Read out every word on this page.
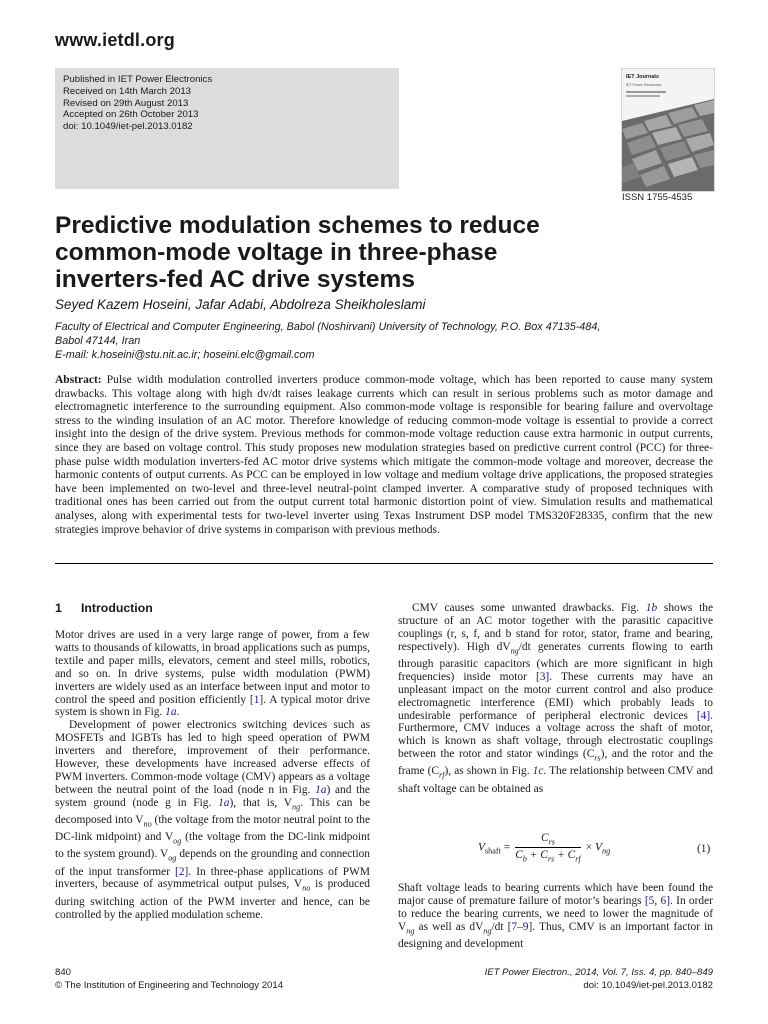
www.ietdl.org
Published in IET Power Electronics
Received on 14th March 2013
Revised on 29th August 2013
Accepted on 26th October 2013
doi: 10.1049/iet-pel.2013.0182
IET Journals
IET Power Electronics
ISSN 1755-4535
Predictive modulation schemes to reduce
common-mode voltage in three-phase
inverters-fed AC drive systems
Seyed Kazem Hoseini, Jafar Adabi, Abdolreza Sheikholeslami
Faculty of Electrical and Computer Engineering, Babol (Noshirvani) University of Technology, P.O. Box 47135-484,
Babol 47144, Iran
E-mail: k.hoseini@stu.nit.ac.ir; hoseini.elc@gmail.com
Abstract: Pulse width modulation controlled inverters produce common-mode voltage, which has been reported to cause many system drawbacks. This voltage along with high dv/dt raises leakage currents which can result in serious problems such as motor damage and electromagnetic interference to the surrounding equipment. Also common-mode voltage is responsible for bearing failure and overvoltage stress to the winding insulation of an AC motor. Therefore knowledge of reducing common-mode voltage is essential to provide a correct insight into the design of the drive system. Previous methods for common-mode voltage reduction cause extra harmonic in output currents, since they are based on voltage control. This study proposes new modulation strategies based on predictive current control (PCC) for three-phase pulse width modulation inverters-fed AC motor drive systems which mitigate the common-mode voltage and moreover, decrease the harmonic contents of output currents. As PCC can be employed in low voltage and medium voltage drive applications, the proposed strategies have been implemented on two-level and three-level neutral-point clamped inverter. A comparative study of proposed techniques with traditional ones has been carried out from the output current total harmonic distortion point of view. Simulation results and mathematical analyses, along with experimental tests for two-level inverter using Texas Instrument DSP model TMS320F28335, confirm that the new strategies improve behavior of drive systems in comparison with previous methods.
1 Introduction

Motor drives are used in a very large range of power, from a few watts to thousands of kilowatts, in broad applications such as pumps, textile and paper mills, elevators, cement and steel mills, robotics, and so on. In drive systems, pulse width modulation (PWM) inverters are widely used as an interface between input and motor to control the speed and position efficiently [1]. A typical motor drive system is shown in Fig. 1a.

Development of power electronics switching devices such as MOSFETs and IGBTs has led to high speed operation of PWM inverters and therefore, improvement of their performance. However, these developments have increased adverse effects of PWM inverters. Common-mode voltage (CMV) appears as a voltage between the neutral point of the load (node n in Fig. 1a) and the system ground (node g in Fig. 1a), that is, $V_{ng}$. This can be decomposed into $V_{no}$ (the voltage from the motor neutral point to the DC-link midpoint) and $V_{og}$ (the voltage from the DC-link midpoint to the system ground). $V_{og}$ depends on the grounding and connection of the input transformer [2]. In three-phase applications of PWM inverters, because of asymmetrical output pulses, $V_{no}$ is produced during switching action of the PWM inverter and hence, can be controlled by the applied modulation scheme.

CMV causes some unwanted drawbacks. Fig. 1b shows the structure of an AC motor together with the parasitic capacitive couplings (r, s, f, and b stand for rotor, stator, frame and bearing, respectively). High $dV_{ng}/dt$ generates currents flowing to earth through parasitic capacitors (which are more significant in high frequencies) inside motor [3]. These currents may have an unpleasant impact on the motor current control and also produce electromagnetic interference (EMI) which probably leads to undesirable performance of peripheral electronic devices [4]. Furthermore, CMV induces a voltage across the shaft of motor, which is known as shaft voltage, through electrostatic couplings between the rotor and stator windings $(C_{rs})$, and the rotor and the frame $(C_{rf})$, as shown in Fig. 1c. The relationship between CMV and shaft voltage can be obtained as

$V_{shaft} = \frac{C_{rs}}{C_b + C_{rs} + C_{rf}} \times V_{ng}$	(1)

Shaft voltage leads to bearing currents which have been found the major cause of premature failure of motor’s bearings [5, 6]. In order to reduce the bearing currents, we need to lower the magnitude of $V_{ng}$ as well as $dV_{ng}/dt$ [7–9]. Thus, CMV is an important factor in designing and development

840
© The Institution of Engineering and Technology 2014
IET Power Electron., 2014, Vol. 7, Iss. 4, pp. 840–849
doi: 10.1049/iet-pel.2013.0182
